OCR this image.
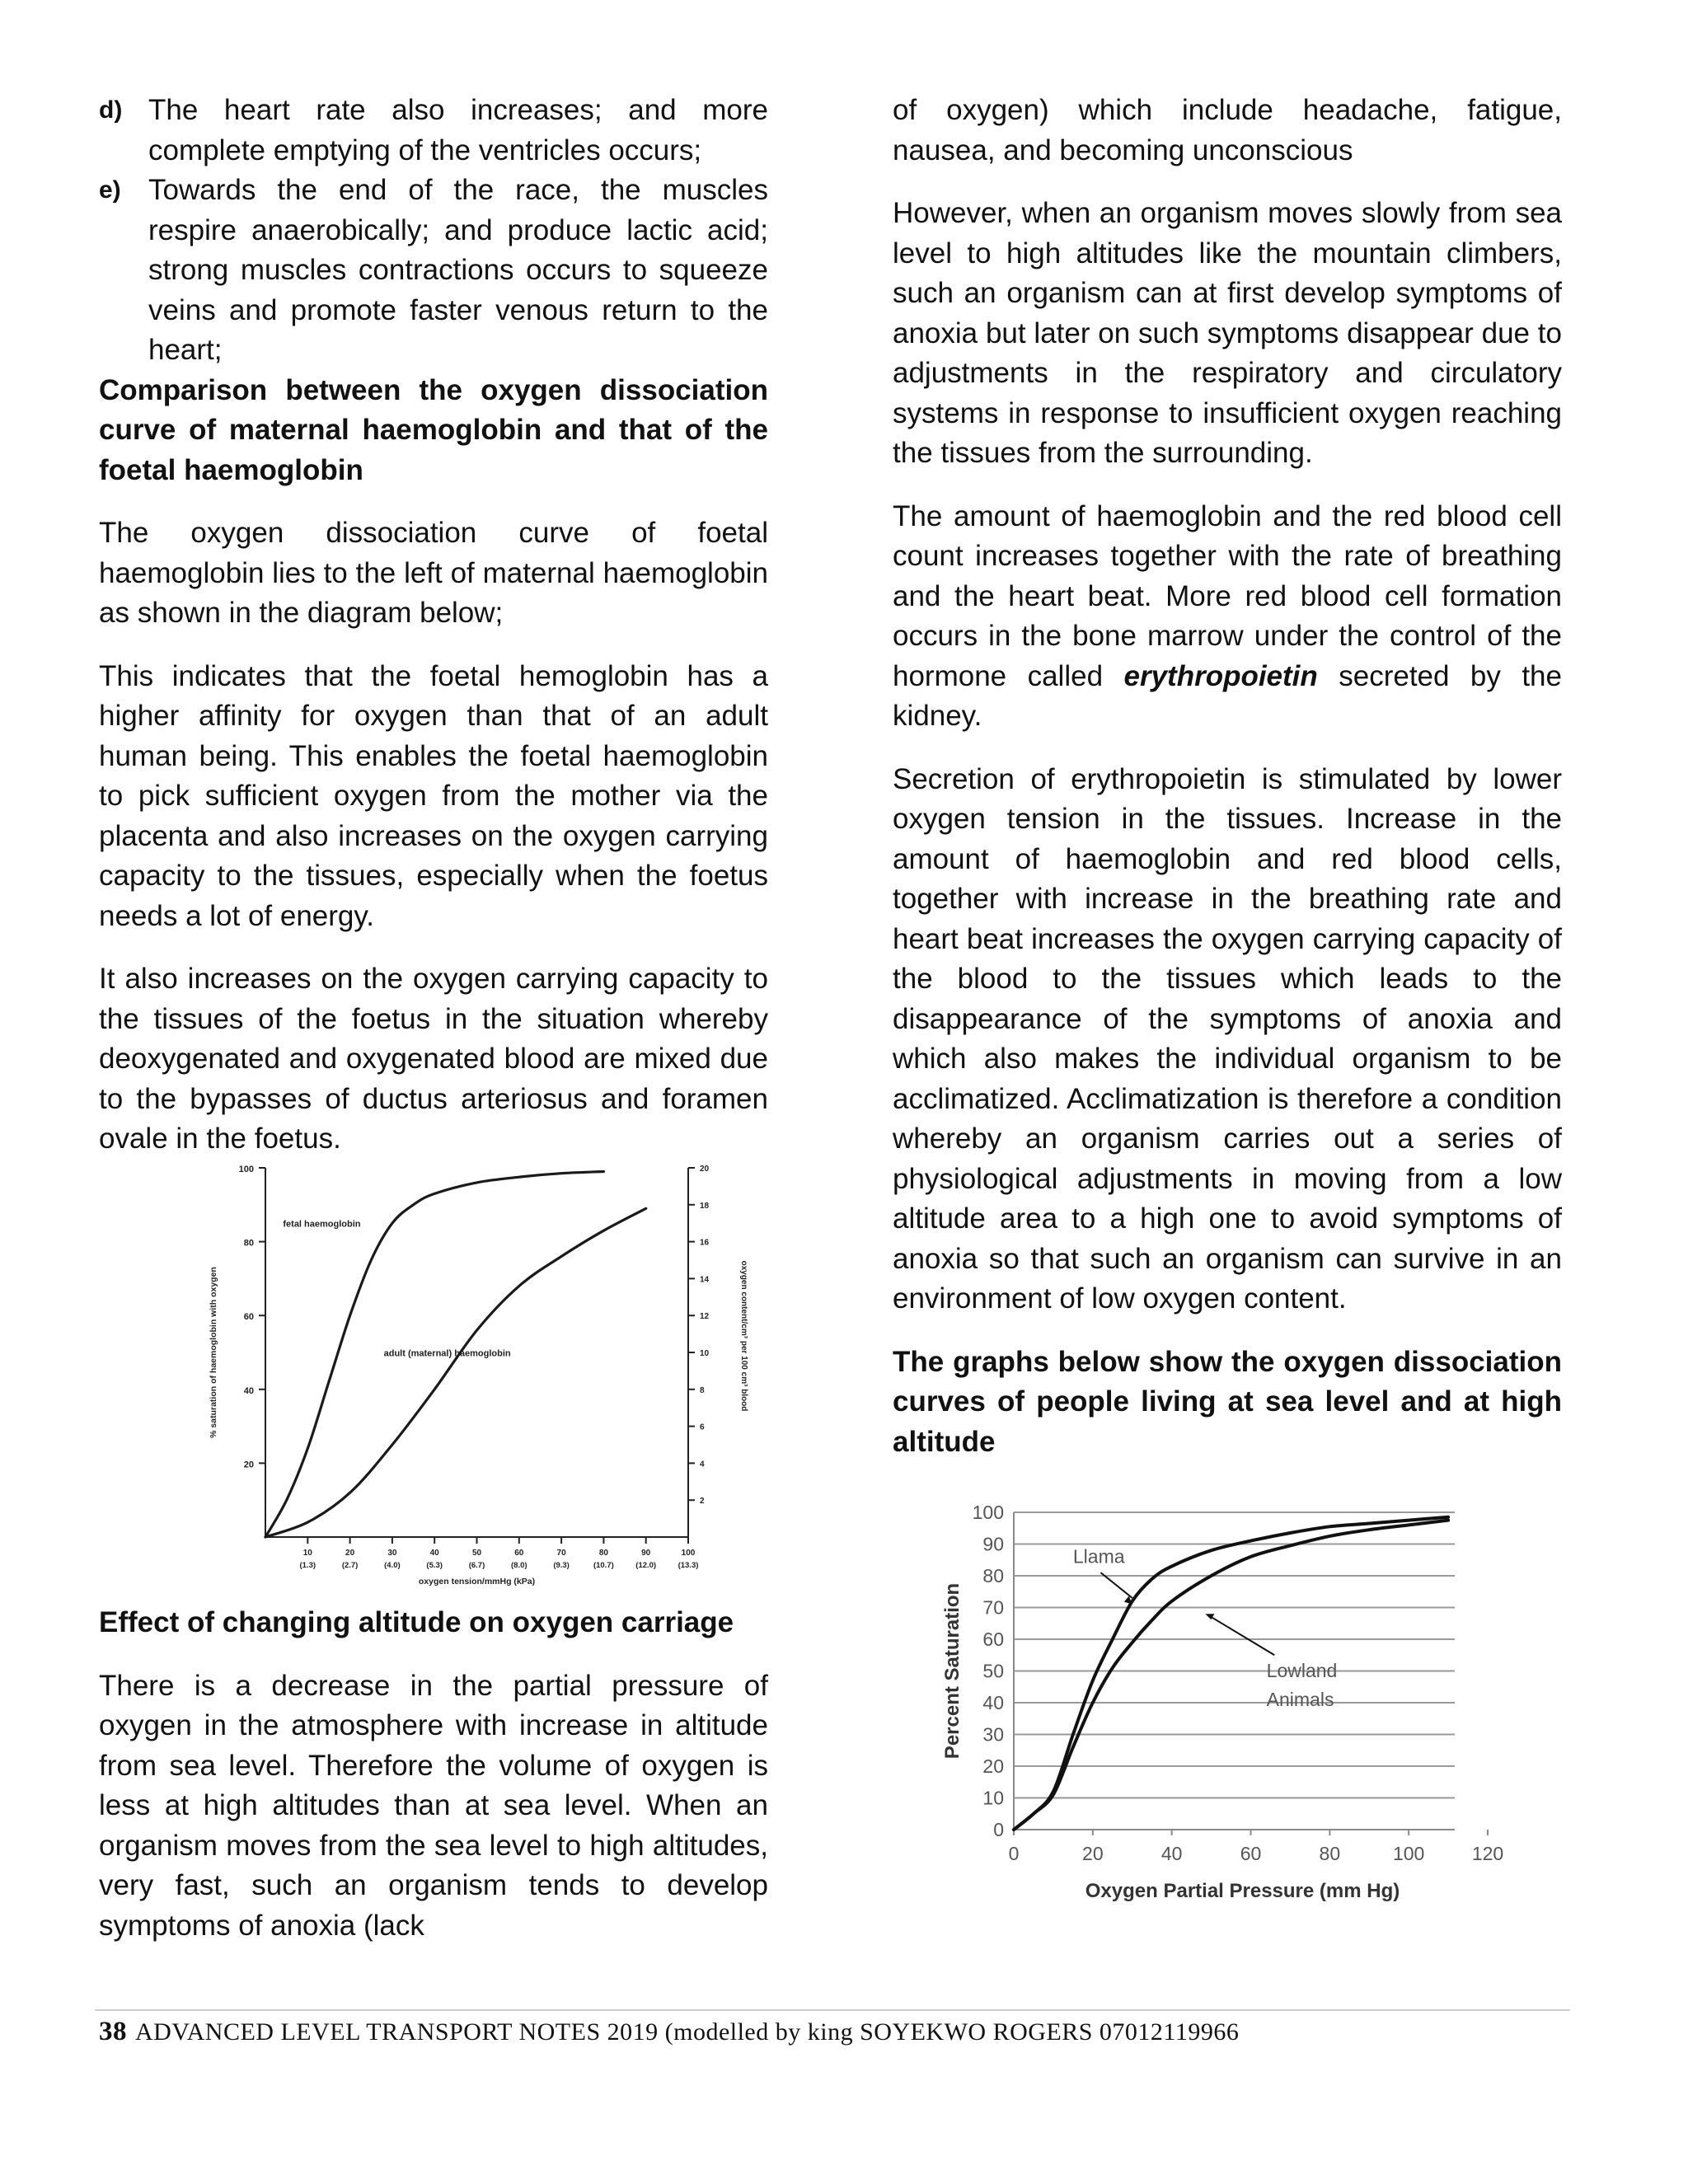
d) The heart rate also increases; and more complete emptying of the ventricles occurs;
e) Towards the end of the race, the muscles respire anaerobically; and produce lactic acid; strong muscles contractions occurs to squeeze veins and promote faster venous return to the heart;

Comparison between the oxygen dissociation curve of maternal haemoglobin and that of the foetal haemoglobin

The oxygen dissociation curve of foetal haemoglobin lies to the left of maternal haemoglobin as shown in the diagram below;

This indicates that the foetal hemoglobin has a higher affinity for oxygen than that of an adult human being. This enables the foetal haemoglobin to pick sufficient oxygen from the mother via the placenta and also increases on the oxygen carrying capacity to the tissues, especially when the foetus needs a lot of energy.

It also increases on the oxygen carrying capacity to the tissues of the foetus in the situation whereby deoxygenated and oxygenated blood are mixed due to the bypasses of ductus arteriosus and foramen ovale in the foetus.

20
40
60
80
100
2
4
6
8
10
12
14
16
18
20
10
(1.3)
20
(2.7)
30
(4.0)
40
(5.3)
50
(6.7)
60
(8.0)
70
(9.3)
80
(10.7)
90
(12.0)
100
(13.3)
oxygen tension/mmHg (kPa)
% saturation of haemoglobin with oxygen	oxygen content/cm³ per 100 cm³ blood
fetal haemoglobin
adult (maternal) haemoglobin

Effect of changing altitude on oxygen carriage

There is a decrease in the partial pressure of oxygen in the atmosphere with increase in altitude from sea level. Therefore the volume of oxygen is less at high altitudes than at sea level. When an organism moves from the sea level to high altitudes, very fast, such an organism tends to develop symptoms of anoxia (lack

of oxygen) which include headache, fatigue, nausea, and becoming unconscious

However, when an organism moves slowly from sea level to high altitudes like the mountain climbers, such an organism can at first develop symptoms of anoxia but later on such symptoms disappear due to adjustments in the respiratory and circulatory systems in response to insufficient oxygen reaching the tissues from the surrounding.

The amount of haemoglobin and the red blood cell count increases together with the rate of breathing and the heart beat. More red blood cell formation occurs in the bone marrow under the control of the hormone called erythropoietin secreted by the kidney.

Secretion of erythropoietin is stimulated by lower oxygen tension in the tissues. Increase in the amount of haemoglobin and red blood cells, together with increase in the breathing rate and heart beat increases the oxygen carrying capacity of the blood to the tissues which leads to the disappearance of the symptoms of anoxia and which also makes the individual organism to be acclimatized. Acclimatization is therefore a condition whereby an organism carries out a series of physiological adjustments in moving from a low altitude area to a high one to avoid symptoms of anoxia so that such an organism can survive in an environment of low oxygen content.

The graphs below show the oxygen dissociation curves of people living at sea level and at high altitude

0
10
20
30
40
50
60
70
80
90
100
0	20	40	60	80	100 120
Oxygen Partial Pressure (mm Hg)
Percent Saturation
Llama
Lowland
Animals
38 ADVANCED LEVEL TRANSPORT NOTES 2019 (modelled by king SOYEKWO ROGERS 07012119966
